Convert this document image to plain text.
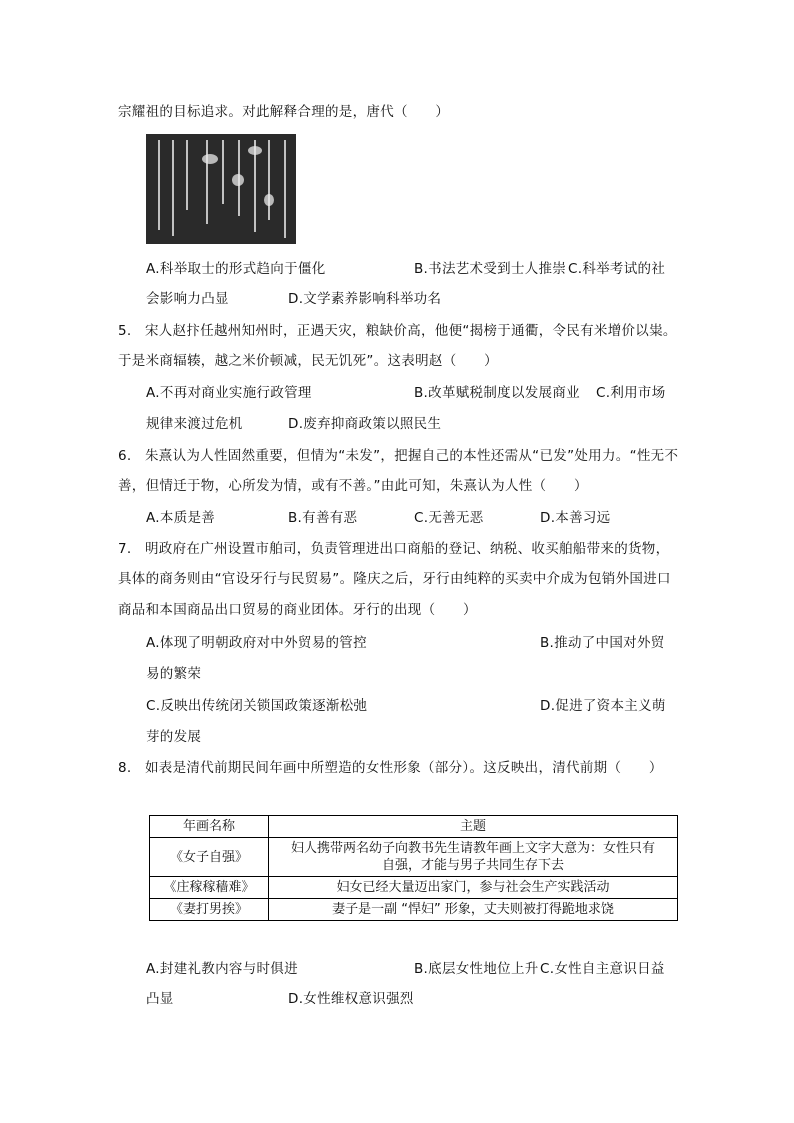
宗耀祖的目标追求。对此解释合理的是，唐代（　　）
A.科举取士的形式趋向于僵化	B.书法艺术受到士人推崇 C.科举考试的社
会影响力凸显	D.文学素养影响科举功名
5. 宋人赵抃任越州知州时，正遇天灾，粮缺价高，他便“揭榜于通衢，令民有米增价以粜。
于是米商辐辏，越之米价顿减，民无饥死”。这表明赵（　　）
A.不再对商业实施行政管理	B.改革赋税制度以发展商业 C.利用市场
规律来渡过危机	D.废弃抑商政策以照民生
6. 朱熹认为人性固然重要，但情为“未发”，把握自己的本性还需从“已发”处用力。“性无不
善，但情迁于物，心所发为情，或有不善。”由此可知，朱熹认为人性（　　）
A.本质是善	B.有善有恶	C.无善无恶	D.本善习远
7. 明政府在广州设置市舶司，负责管理进出口商船的登记、纳税、收买舶船带来的货物，
具体的商务则由“官设牙行与民贸易”。隆庆之后，牙行由纯粹的买卖中介成为包销外国进口
商品和本国商品出口贸易的商业团体。牙行的出现（　　）
A.体现了明朝政府对中外贸易的管控	B.推动了中国对外贸
易的繁荣
C.反映出传统闭关锁国政策逐渐松弛	D.促进了资本主义萌
芽的发展
8. 如表是清代前期民间年画中所塑造的女性形象（部分）。这反映出，清代前期（　　）
年画名称	主题
《女子自强》	妇人携带两名幼子向教书先生请教年画上文字大意为：女性只有
自强，才能与男子共同生存下去

《庄稼稼穑难》	妇女已经大量迈出家门，参与社会生产实践活动
《妻打男挨》	妻子是一副 “悍妇” 形象，丈夫则被打得跪地求饶
A.封建礼教内容与时俱进	B.底层女性地位上升 C.女性自主意识日益
凸显	D.女性维权意识强烈
